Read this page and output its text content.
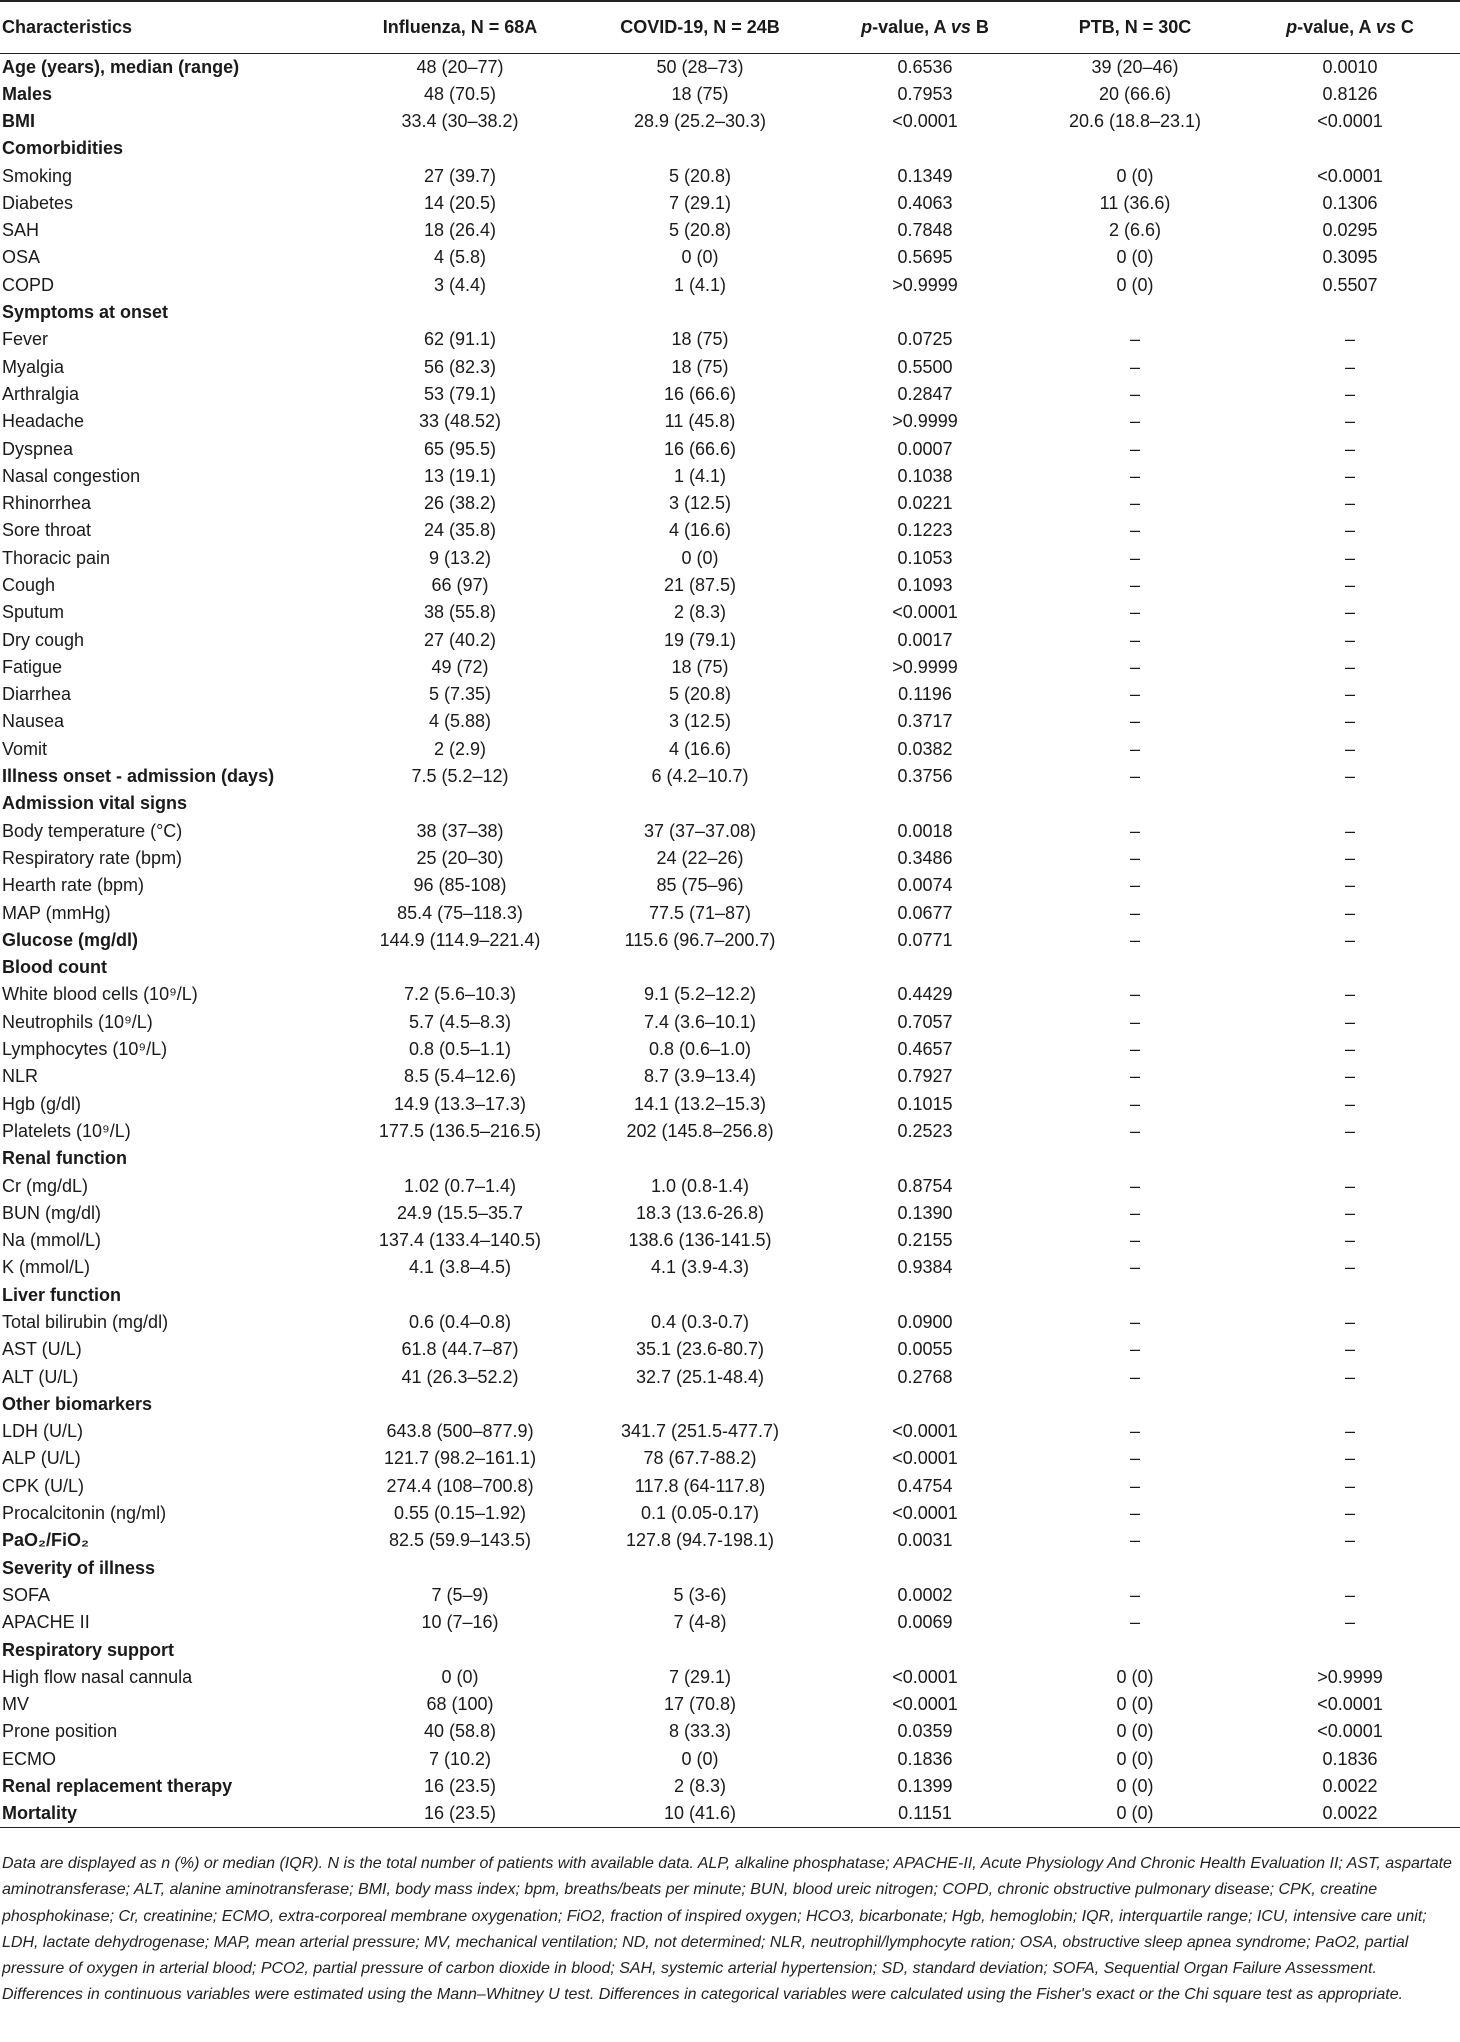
Characteristics	Influenza, N = 68A	COVID-19, N = 24B	p-value, A vs B	PTB, N = 30C	p-value, A vs C
Age (years), median (range)	48 (20–77)	50 (28–73)	0.6536	39 (20–46)	0.0010
Males	48 (70.5)	18 (75)	0.7953	20 (66.6)	0.8126
BMI	33.4 (30–38.2)	28.9 (25.2–30.3)	<0.0001	20.6 (18.8–23.1)	<0.0001
Comorbidities					
Smoking	27 (39.7)	5 (20.8)	0.1349	0 (0)	<0.0001
Diabetes	14 (20.5)	7 (29.1)	0.4063	11 (36.6)	0.1306
SAH	18 (26.4)	5 (20.8)	0.7848	2 (6.6)	0.0295
OSA	4 (5.8)	0 (0)	0.5695	0 (0)	0.3095
COPD	3 (4.4)	1 (4.1)	>0.9999	0 (0)	0.5507
Symptoms at onset					
Fever	62 (91.1)	18 (75)	0.0725	–	–
Myalgia	56 (82.3)	18 (75)	0.5500	–	–
Arthralgia	53 (79.1)	16 (66.6)	0.2847	–	–
Headache	33 (48.52)	11 (45.8)	>0.9999	–	–
Dyspnea	65 (95.5)	16 (66.6)	0.0007	–	–
Nasal congestion	13 (19.1)	1 (4.1)	0.1038	–	–
Rhinorrhea	26 (38.2)	3 (12.5)	0.0221	–	–
Sore throat	24 (35.8)	4 (16.6)	0.1223	–	–
Thoracic pain	9 (13.2)	0 (0)	0.1053	–	–
Cough	66 (97)	21 (87.5)	0.1093	–	–
Sputum	38 (55.8)	2 (8.3)	<0.0001	–	–
Dry cough	27 (40.2)	19 (79.1)	0.0017	–	–
Fatigue	49 (72)	18 (75)	>0.9999	–	–
Diarrhea	5 (7.35)	5 (20.8)	0.1196	–	–
Nausea	4 (5.88)	3 (12.5)	0.3717	–	–
Vomit	2 (2.9)	4 (16.6)	0.0382	–	–
Illness onset - admission (days)	7.5 (5.2–12)	6 (4.2–10.7)	0.3756	–	–
Admission vital signs					
Body temperature (°C)	38 (37–38)	37 (37–37.08)	0.0018	–	–
Respiratory rate (bpm)	25 (20–30)	24 (22–26)	0.3486	–	–
Hearth rate (bpm)	96 (85-108)	85 (75–96)	0.0074	–	–
MAP (mmHg)	85.4 (75–118.3)	77.5 (71–87)	0.0677	–	–
Glucose (mg/dl)	144.9 (114.9–221.4)	115.6 (96.7–200.7)	0.0771	–	–
Blood count					
White blood cells (10⁹/L)	7.2 (5.6–10.3)	9.1 (5.2–12.2)	0.4429	–	–
Neutrophils (10⁹/L)	5.7 (4.5–8.3)	7.4 (3.6–10.1)	0.7057	–	–
Lymphocytes (10⁹/L)	0.8 (0.5–1.1)	0.8 (0.6–1.0)	0.4657	–	–
NLR	8.5 (5.4–12.6)	8.7 (3.9–13.4)	0.7927	–	–
Hgb (g/dl)	14.9 (13.3–17.3)	14.1 (13.2–15.3)	0.1015	–	–
Platelets (10⁹/L)	177.5 (136.5–216.5)	202 (145.8–256.8)	0.2523	–	–
Renal function					
Cr (mg/dL)	1.02 (0.7–1.4)	1.0 (0.8-1.4)	0.8754	–	–
BUN (mg/dl)	24.9 (15.5–35.7	18.3 (13.6-26.8)	0.1390	–	–
Na (mmol/L)	137.4 (133.4–140.5)	138.6 (136-141.5)	0.2155	–	–
K (mmol/L)	4.1 (3.8–4.5)	4.1 (3.9-4.3)	0.9384	–	–
Liver function					
Total bilirubin (mg/dl)	0.6 (0.4–0.8)	0.4 (0.3-0.7)	0.0900	–	–
AST (U/L)	61.8 (44.7–87)	35.1 (23.6-80.7)	0.0055	–	–
ALT (U/L)	41 (26.3–52.2)	32.7 (25.1-48.4)	0.2768	–	–
Other biomarkers					
LDH (U/L)	643.8 (500–877.9)	341.7 (251.5-477.7)	<0.0001	–	–
ALP (U/L)	121.7 (98.2–161.1)	78 (67.7-88.2)	<0.0001	–	–
CPK (U/L)	274.4 (108–700.8)	117.8 (64-117.8)	0.4754	–	–
Procalcitonin (ng/ml)	0.55 (0.15–1.92)	0.1 (0.05-0.17)	<0.0001	–	–
PaO₂/FiO₂	82.5 (59.9–143.5)	127.8 (94.7-198.1)	0.0031	–	–
Severity of illness					
SOFA	7 (5–9)	5 (3-6)	0.0002	–	–
APACHE II	10 (7–16)	7 (4-8)	0.0069	–	–
Respiratory support					
High flow nasal cannula	0 (0)	7 (29.1)	<0.0001	0 (0)	>0.9999
MV	68 (100)	17 (70.8)	<0.0001	0 (0)	<0.0001
Prone position	40 (58.8)	8 (33.3)	0.0359	0 (0)	<0.0001
ECMO	7 (10.2)	0 (0)	0.1836	0 (0)	0.1836
Renal replacement therapy	16 (23.5)	2 (8.3)	0.1399	0 (0)	0.0022
Mortality	16 (23.5)	10 (41.6)	0.1151	0 (0)	0.0022
Data are displayed as n (%) or median (IQR). N is the total number of patients with available data. ALP, alkaline phosphatase; APACHE-II, Acute Physiology And Chronic Health Evaluation II; AST, aspartate aminotransferase; ALT, alanine aminotransferase; BMI, body mass index; bpm, breaths/beats per minute; BUN, blood ureic nitrogen; COPD, chronic obstructive pulmonary disease; CPK, creatine phosphokinase; Cr, creatinine; ECMO, extra-corporeal membrane oxygenation; FiO2, fraction of inspired oxygen; HCO3, bicarbonate; Hgb, hemoglobin; IQR, interquartile range; ICU, intensive care unit; LDH, lactate dehydrogenase; MAP, mean arterial pressure; MV, mechanical ventilation; ND, not determined; NLR, neutrophil/lymphocyte ration; OSA, obstructive sleep apnea syndrome; PaO2, partial pressure of oxygen in arterial blood; PCO2, partial pressure of carbon dioxide in blood; SAH, systemic arterial hypertension; SD, standard deviation; SOFA, Sequential Organ Failure Assessment. Differences in continuous variables were estimated using the Mann–Whitney U test. Differences in categorical variables were calculated using the Fisher's exact or the Chi square test as appropriate.
